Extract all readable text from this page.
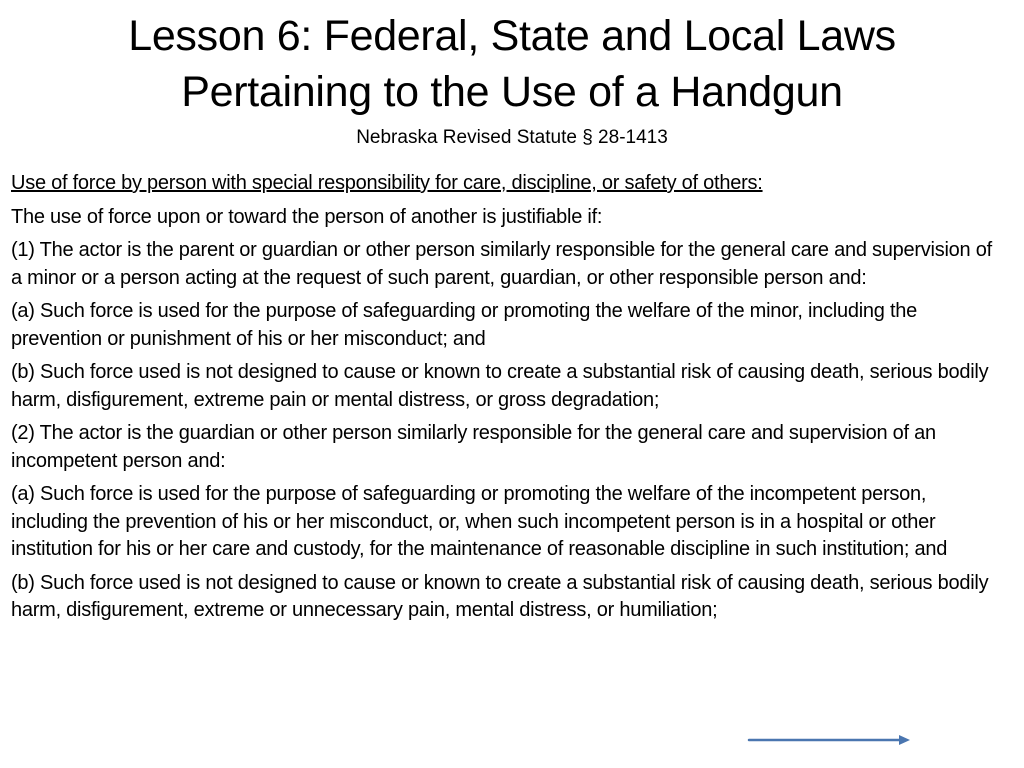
Lesson 6: Federal, State and Local Laws
Pertaining to the Use of a Handgun
Nebraska Revised Statute § 28-1413

Use of force by person with special responsibility for care, discipline, or safety of others:

The use of force upon or toward the person of another is justifiable if:

(1) The actor is the parent or guardian or other person similarly responsible for the general care and supervision of a minor or a person acting at the request of such parent, guardian, or other responsible person and:

(a) Such force is used for the purpose of safeguarding or promoting the welfare of the minor, including the prevention or punishment of his or her misconduct; and

(b) Such force used is not designed to cause or known to create a substantial risk of causing death, serious bodily harm, disfigurement, extreme pain or mental distress, or gross degradation;

(2) The actor is the guardian or other person similarly responsible for the general care and supervision of an incompetent person and:

(a) Such force is used for the purpose of safeguarding or promoting the welfare of the incompetent person, including the prevention of his or her misconduct, or, when such incompetent person is in a hospital or other institution for his or her care and custody, for the maintenance of reasonable discipline in such institution; and

(b) Such force used is not designed to cause or known to create a substantial risk of causing death, serious bodily harm, disfigurement, extreme or unnecessary pain, mental distress, or humiliation;
